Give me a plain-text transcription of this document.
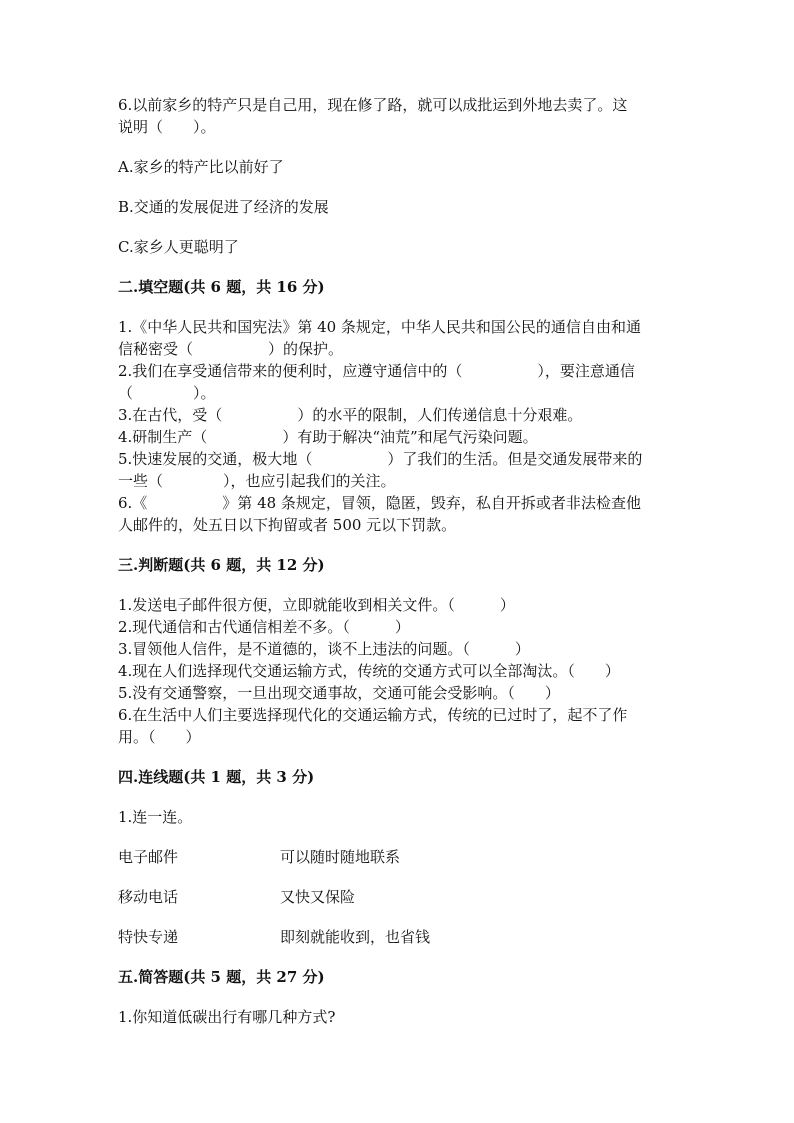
6.以前家乡的特产只是自己用，现在修了路，就可以成批运到外地去卖了。这
说明（　　）。
A.家乡的特产比以前好了
B.交通的发展促进了经济的发展
C.家乡人更聪明了
二.填空题(共 6 题，共 16 分)
1.《中华人民共和国宪法》第 40 条规定，中华人民共和国公民的通信自由和通
信秘密受（　　　　　）的保护。
2.我们在享受通信带来的便利时，应遵守通信中的（　　　　　），要注意通信
（　　　　）。
3.在古代，受（　　　　　）的水平的限制，人们传递信息十分艰难。
4.研制生产（　　　　　）有助于解决“油荒”和尾气污染问题。
5.快速发展的交通，极大地（　　　　　）了我们的生活。但是交通发展带来的
一些（　　　　），也应引起我们的关注。
6.《　　　　　》第 48 条规定，冒领，隐匿，毁弃，私自开拆或者非法检查他
人邮件的，处五日以下拘留或者 500 元以下罚款。
三.判断题(共 6 题，共 12 分)
1.发送电子邮件很方便，立即就能收到相关文件。（　　　）
2.现代通信和古代通信相差不多。（　　　）
3.冒领他人信件，是不道德的，谈不上违法的问题。（　　　）
4.现在人们选择现代交通运输方式，传统的交通方式可以全部淘汰。（　　）
5.没有交通警察，一旦出现交通事故，交通可能会受影响。（　　）
6.在生活中人们主要选择现代化的交通运输方式，传统的已过时了，起不了作
用。（　　）
四.连线题(共 1 题，共 3 分)
1.连一连。
电子邮件	可以随时随地联系
移动电话	又快又保险
特快专递	即刻就能收到，也省钱
五.简答题(共 5 题，共 27 分)
1.你知道低碳出行有哪几种方式?
